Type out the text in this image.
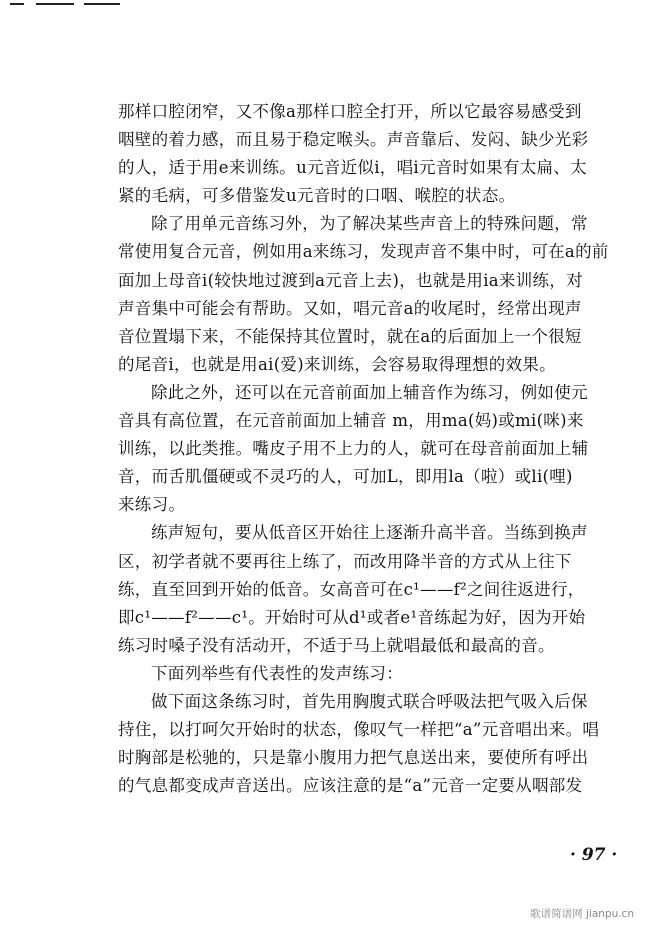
那样口腔闭窄，又不像a那样口腔全打开，所以它最容易感受到
咽壁的着力感，而且易于稳定喉头。声音靠后、发闷、缺少光彩
的人，适于用e来训练。u元音近似i，唱i元音时如果有太扁、太
紧的毛病，可多借鉴发u元音时的口咽、喉腔的状态。
除了用单元音练习外，为了解决某些声音上的特殊问题，常
常使用复合元音，例如用a来练习，发现声音不集中时，可在a的前
面加上母音i(较快地过渡到a元音上去)，也就是用ia来训练，对
声音集中可能会有帮助。又如，唱元音a的收尾时，经常出现声
音位置塌下来，不能保持其位置时，就在a的后面加上一个很短
的尾音i，也就是用ai(爱)来训练，会容易取得理想的效果。
除此之外，还可以在元音前面加上辅音作为练习，例如使元
音具有高位置，在元音前面加上辅音 m，用ma(妈)或mi(咪)来
训练，以此类推。嘴皮子用不上力的人，就可在母音前面加上辅
音，而舌肌僵硬或不灵巧的人，可加L，即用la（啦）或li(哩)
来练习。
练声短句，要从低音区开始往上逐渐升高半音。当练到换声
区，初学者就不要再往上练了，而改用降半音的方式从上往下
练，直至回到开始的低音。女高音可在c¹——f²之间往返进行，
即c¹——f²——c¹。开始时可从d¹或者e¹音练起为好，因为开始
练习时嗓子没有活动开，不适于马上就唱最低和最高的音。
下面列举些有代表性的发声练习：
做下面这条练习时，首先用胸腹式联合呼吸法把气吸入后保
持住，以打呵欠开始时的状态，像叹气一样把“a”元音唱出来。唱
时胸部是松驰的，只是靠小腹用力把气息送出来，要使所有呼出
的气息都变成声音送出。应该注意的是“a”元音一定要从咽部发
· 97 ·
歌谱简谱网 jianpu.cn
